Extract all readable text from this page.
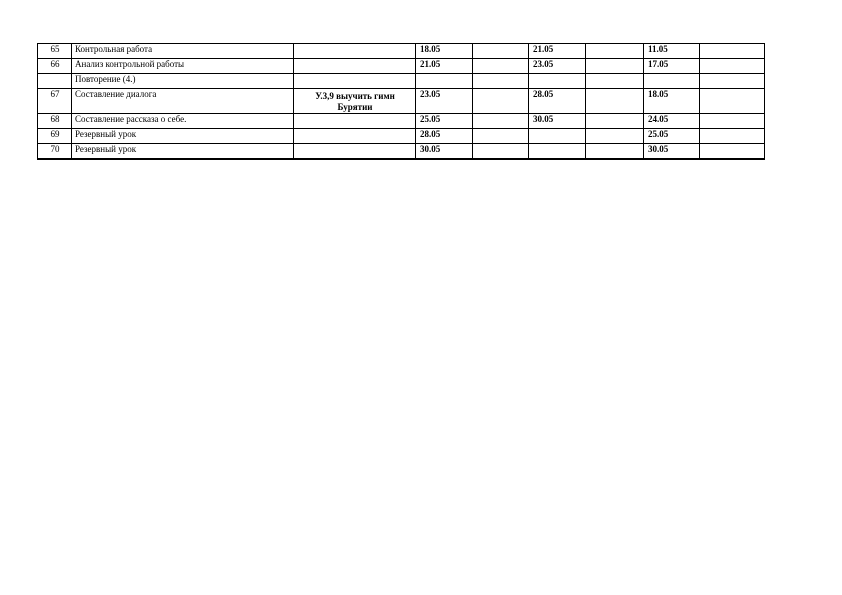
65	Контрольная работа		18.05		21.05		11.05	
66	Анализ контрольной работы		21.05		23.05		17.05	
	Повторение (4.)							
67	Составление диалога	У.3,9 выучить гимн Бурятии	23.05		28.05		18.05	
68	Составление рассказа о себе.		25.05		30.05		24.05	
69	Резервный урок		28.05				25.05	
70	Резервный урок		30.05				30.05	
